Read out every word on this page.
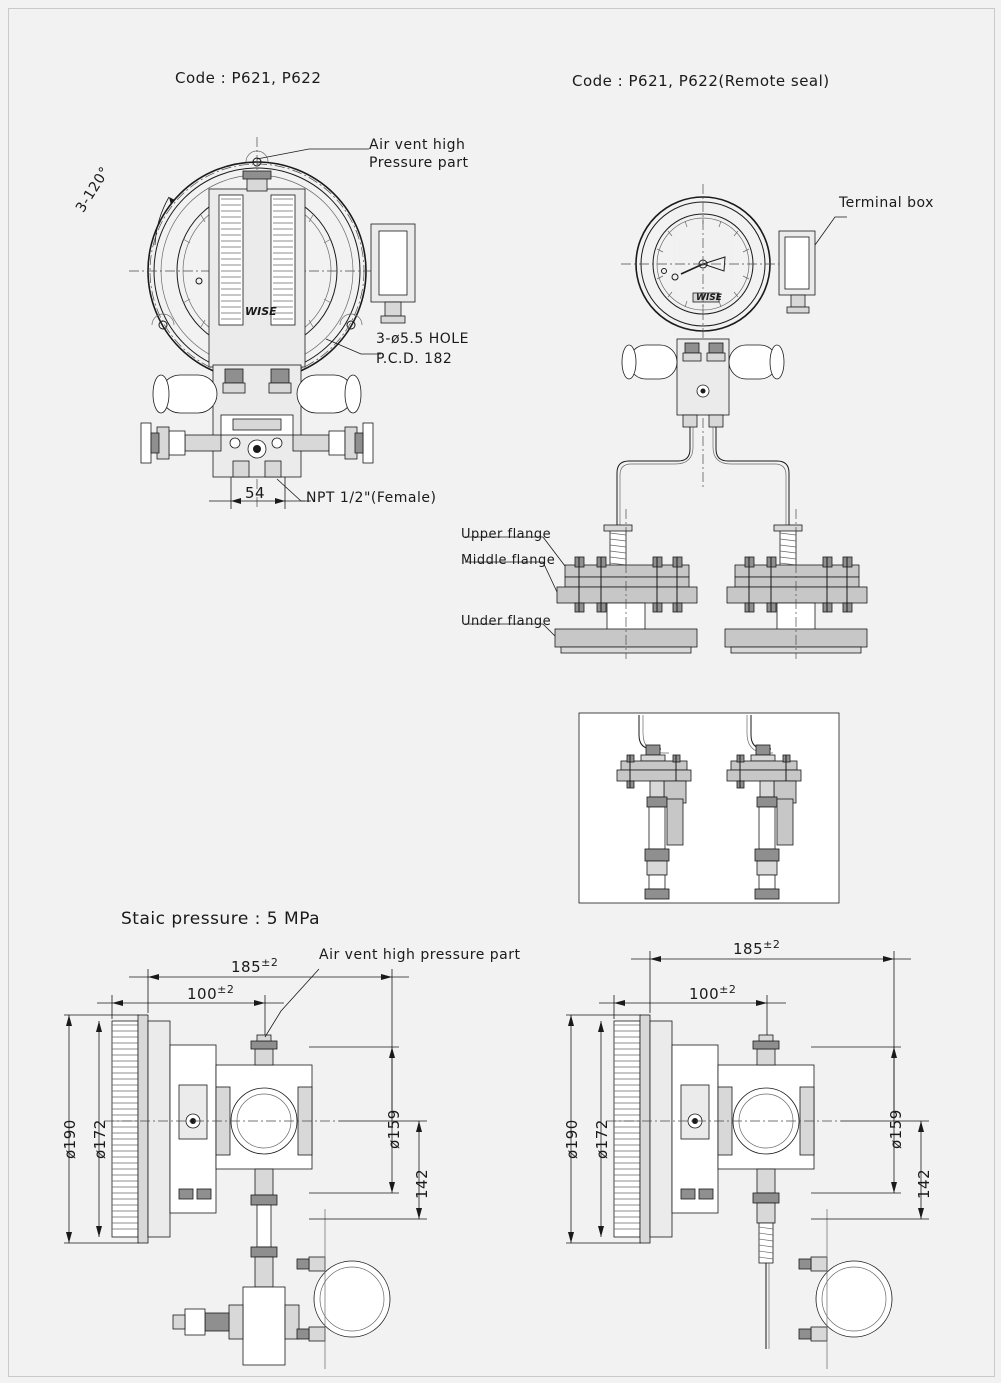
Code : P621, P622	Code : P621, P622(Remote seal)
Air vent high
Pressure part
3-120°
3-ø5.5 HOLE
P.C.D. 182
54	NPT 1/2"(Female)
Terminal box
Upper flange
Middle flange
Under flange
Staic pressure : 5 MPa
Air vent high pressure part
$185^{\pm 2}$
$100^{\pm 2}$
ø190 ø172	ø159
142
$185^{\pm 2}$
$100^{\pm 2}$
ø190 ø172	ø159
142
WISE
WISE
